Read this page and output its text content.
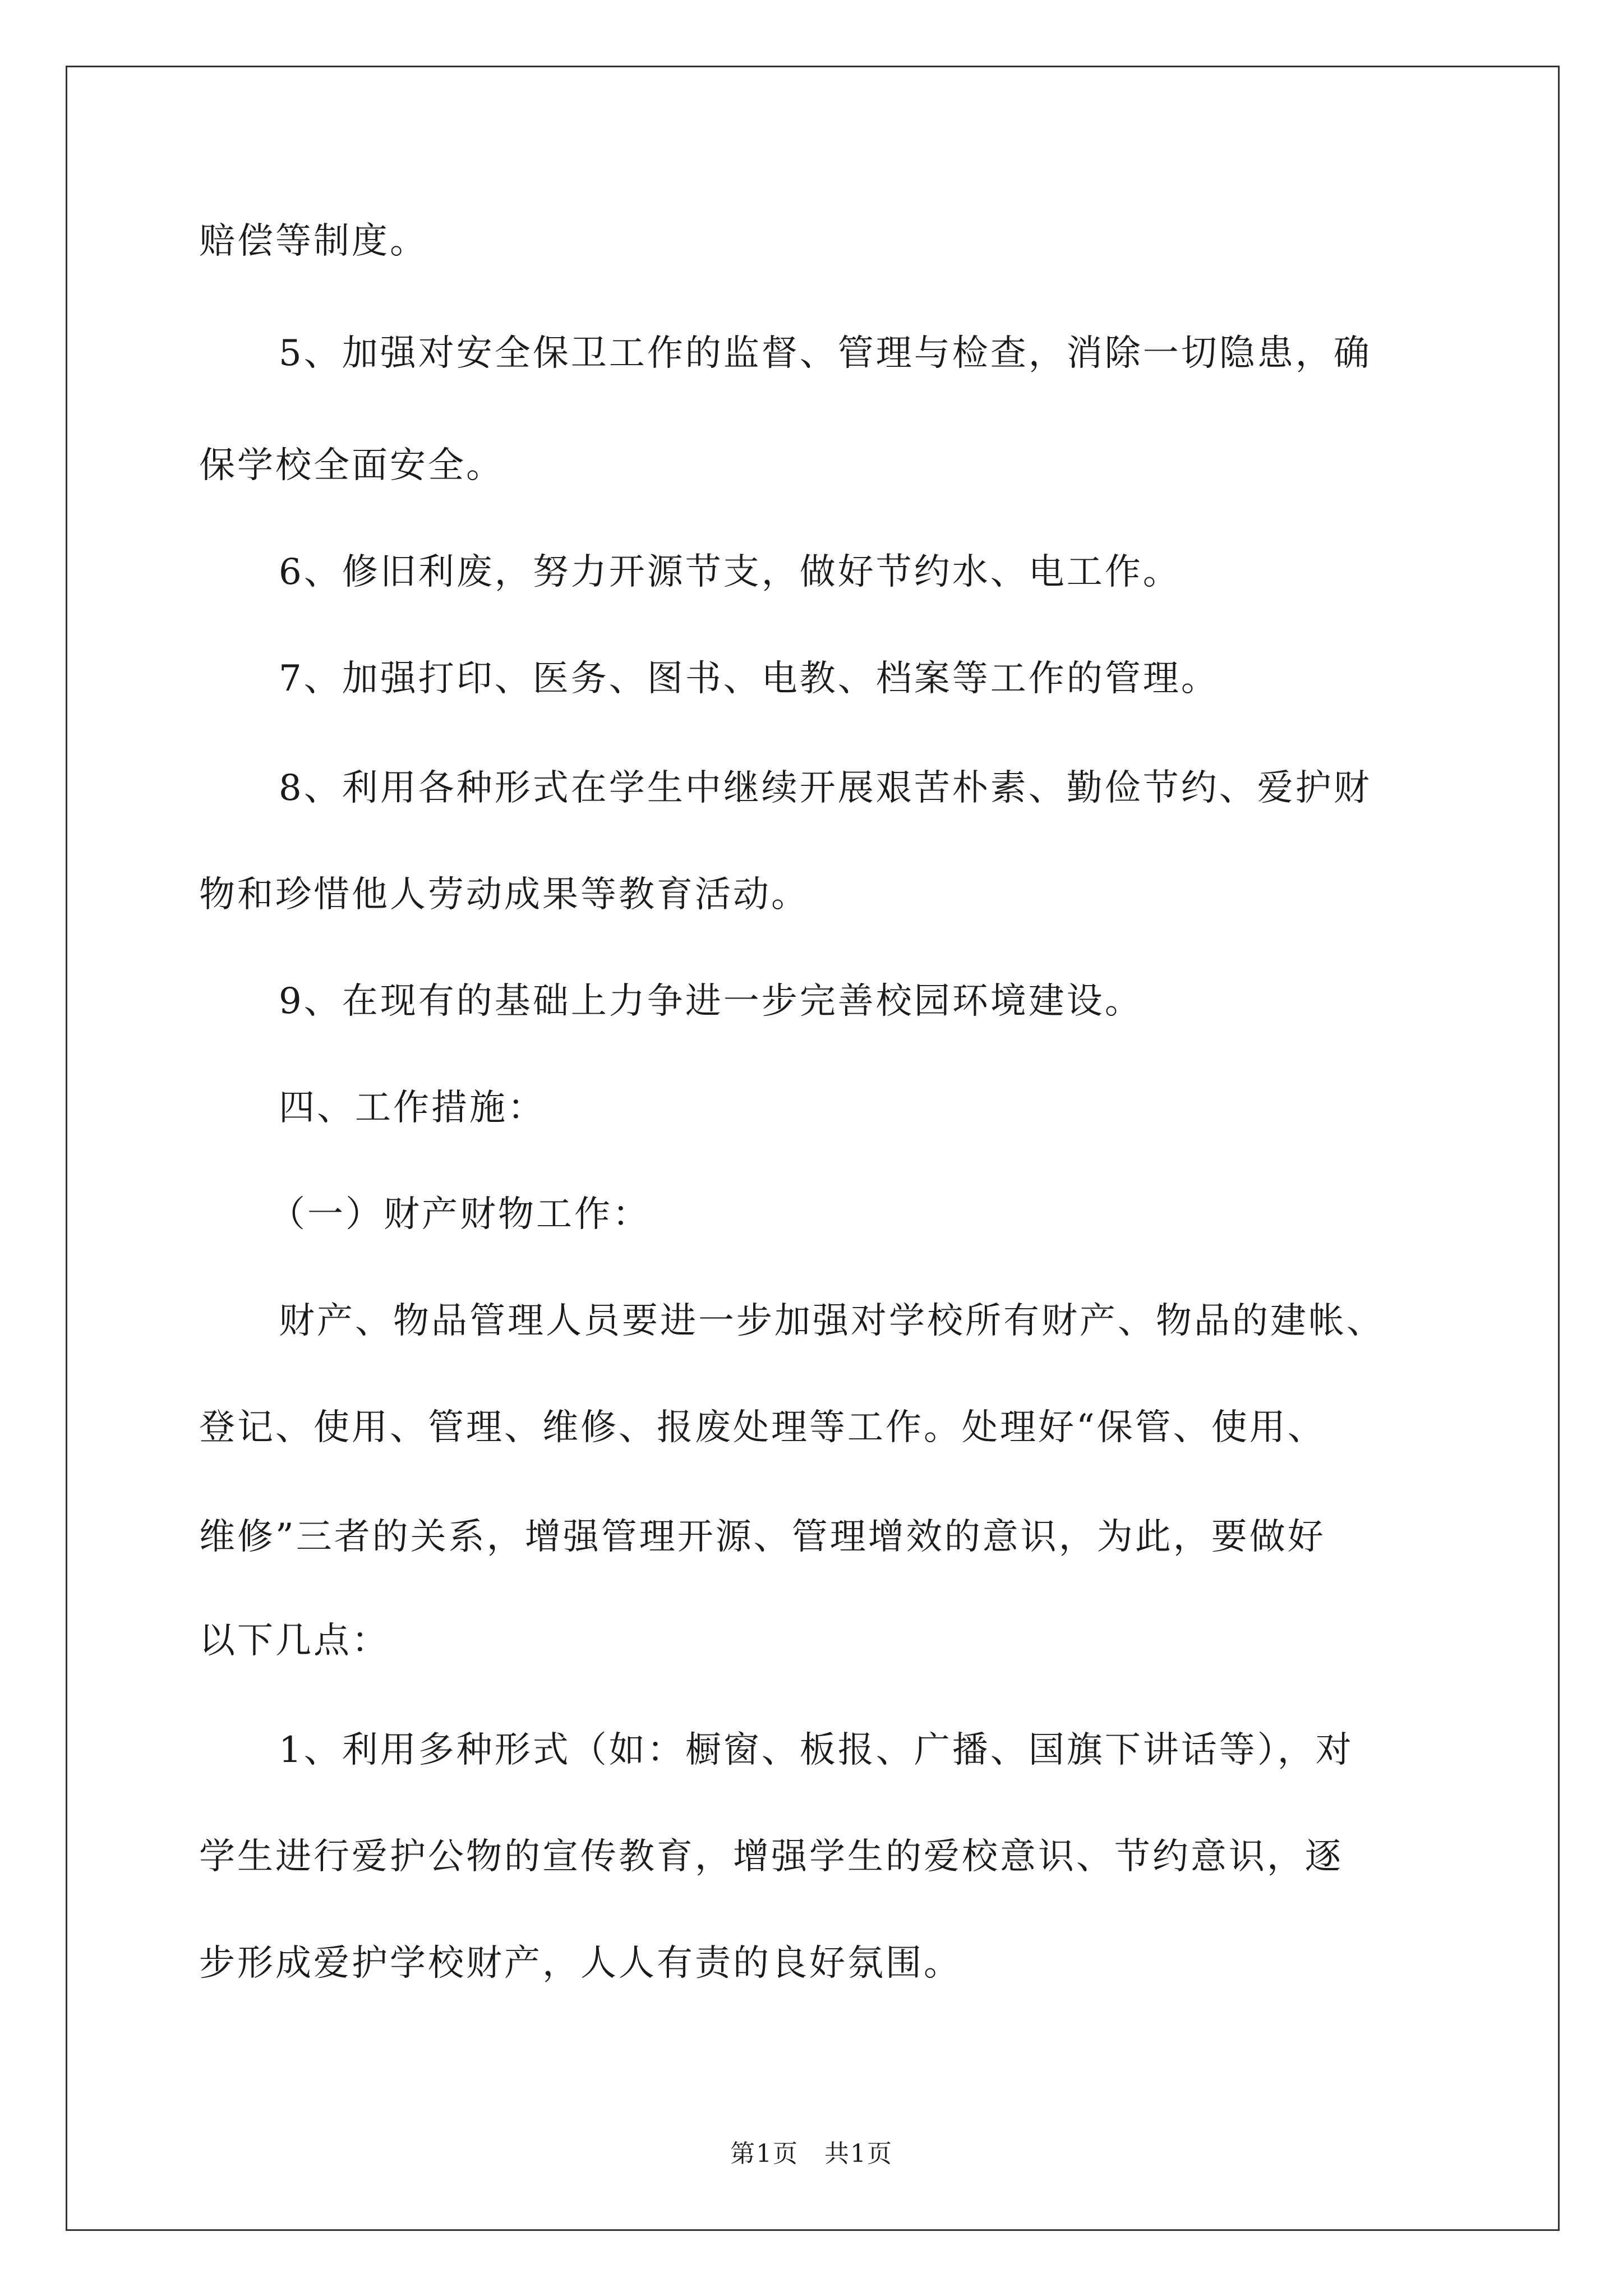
赔偿等制度。
5、加强对安全保卫工作的监督、管理与检查，消除一切隐患，确
保学校全面安全。
6、修旧利废，努力开源节支，做好节约水、电工作。
7、加强打印、医务、图书、电教、档案等工作的管理。
8、利用各种形式在学生中继续开展艰苦朴素、勤俭节约、爱护财
物和珍惜他人劳动成果等教育活动。
9、在现有的基础上力争进一步完善校园环境建设。
四、工作措施：
（一）财产财物工作：
财产、物品管理人员要进一步加强对学校所有财产、物品的建帐、
登记、使用、管理、维修、报废处理等工作。处理好“保管、使用、
维修”三者的关系，增强管理开源、管理增效的意识，为此，要做好
以下几点：
1、利用多种形式（如：橱窗、板报、广播、国旗下讲话等），对
学生进行爱护公物的宣传教育，增强学生的爱校意识、节约意识，逐
步形成爱护学校财产，人人有责的良好氛围。
第1页　共1页
